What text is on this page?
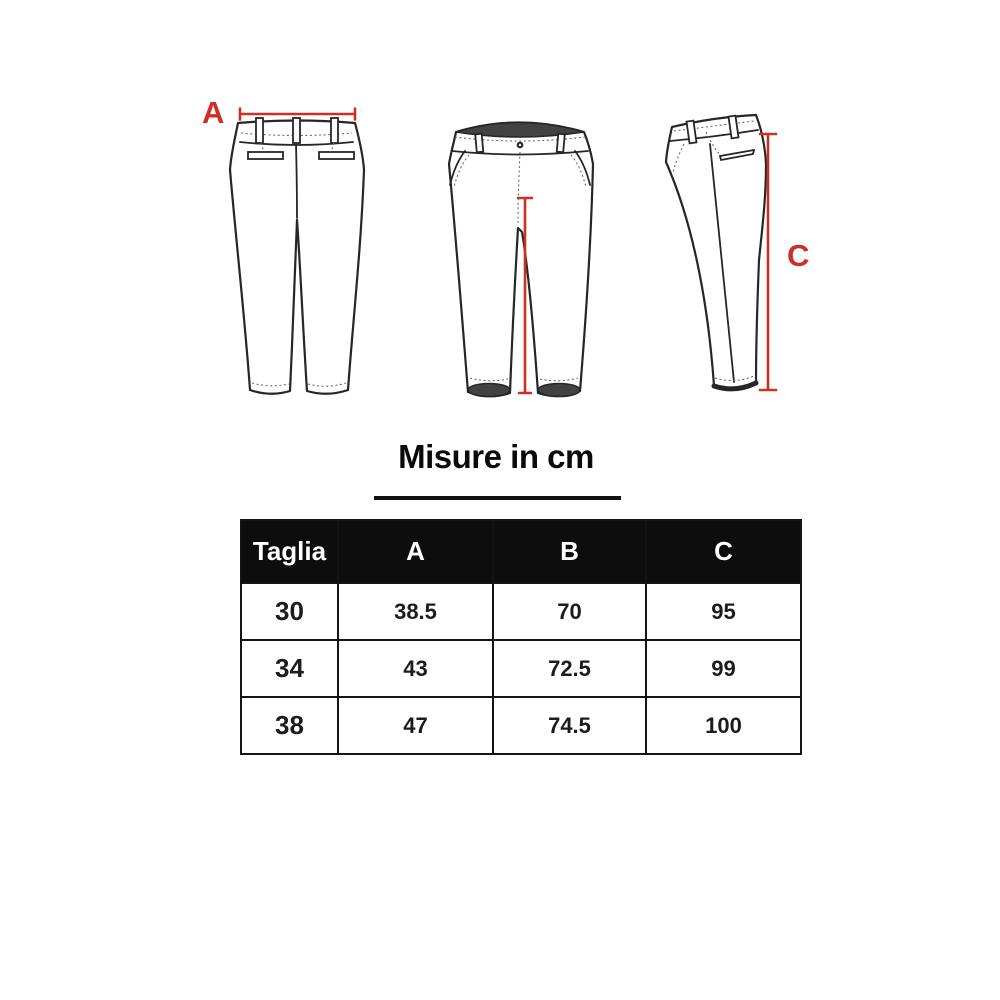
A
C
Misure in cm
Taglia	A	B	C
30	38.5	70	95
34	43	72.5	99
38	47	74.5	100
